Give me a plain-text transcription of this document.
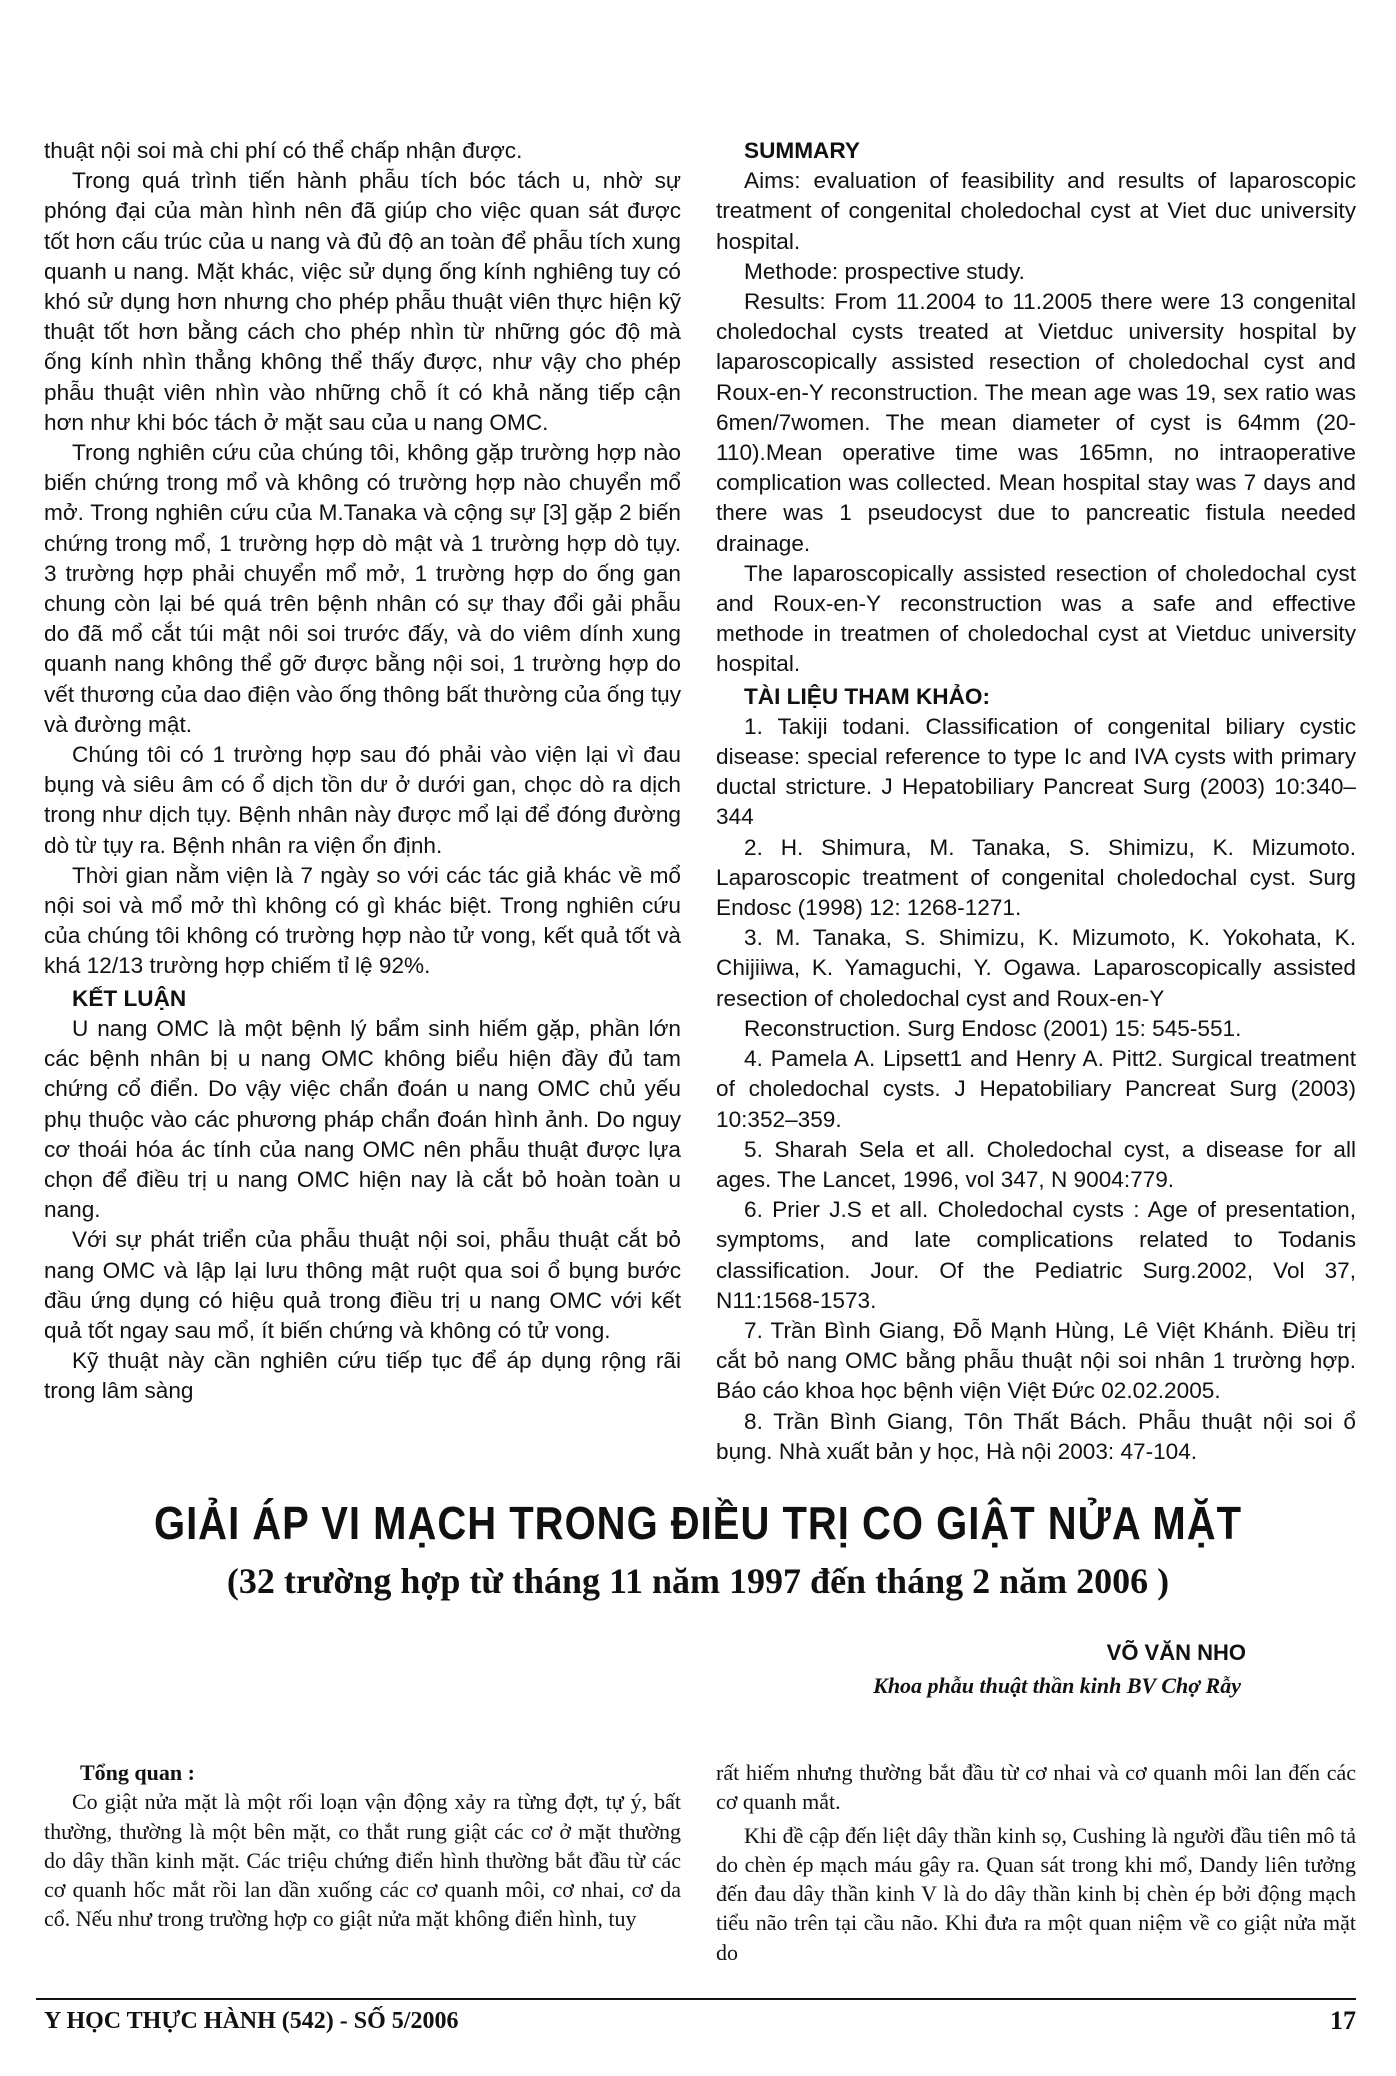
thuật nội soi mà chi phí có thể chấp nhận được.

Trong quá trình tiến hành phẫu tích bóc tách u, nhờ sự phóng đại của màn hình nên đã giúp cho việc quan sát được tốt hơn cấu trúc của u nang và đủ độ an toàn để phẫu tích xung quanh u nang. Mặt khác, việc sử dụng ống kính nghiêng tuy có khó sử dụng hơn nhưng cho phép phẫu thuật viên thực hiện kỹ thuật tốt hơn bằng cách cho phép nhìn từ những góc độ mà ống kính nhìn thẳng không thể thấy được, như vậy cho phép phẫu thuật viên nhìn vào những chỗ ít có khả năng tiếp cận hơn như khi bóc tách ở mặt sau của u nang OMC.

Trong nghiên cứu của chúng tôi, không gặp trường hợp nào biến chứng trong mổ và không có trường hợp nào chuyển mổ mở. Trong nghiên cứu của M.Tanaka và cộng sự [3] gặp 2 biến chứng trong mổ, 1 trường hợp dò mật và 1 trường hợp dò tụy. 3 trường hợp phải chuyển mổ mở, 1 trường hợp do ống gan chung còn lại bé quá trên bệnh nhân có sự thay đổi gải phẫu do đã mổ cắt túi mật nôi soi trước đấy, và do viêm dính xung quanh nang không thể gỡ được bằng nội soi, 1 trường hợp do vết thương của dao điện vào ống thông bất thường của ống tụy và đường mật.

Chúng tôi có 1 trường hợp sau đó phải vào viện lại vì đau bụng và siêu âm có ổ dịch tồn dư ở dưới gan, chọc dò ra dịch trong như dịch tụy. Bệnh nhân này được mổ lại để đóng đường dò từ tụy ra. Bệnh nhân ra viện ổn định.

Thời gian nằm viện là 7 ngày so với các tác giả khác về mổ nội soi và mổ mở thì không có gì khác biệt. Trong nghiên cứu của chúng tôi không có trường hợp nào tử vong, kết quả tốt và khá 12/13 trường hợp chiếm tỉ lệ 92%.

KẾT LUẬN

U nang OMC là một bệnh lý bẩm sinh hiếm gặp, phần lớn các bệnh nhân bị u nang OMC không biểu hiện đầy đủ tam chứng cổ điển. Do vậy việc chẩn đoán u nang OMC chủ yếu phụ thuộc vào các phương pháp chẩn đoán hình ảnh. Do nguy cơ thoái hóa ác tính của nang OMC nên phẫu thuật được lựa chọn để điều trị u nang OMC hiện nay là cắt bỏ hoàn toàn u nang.

Với sự phát triển của phẫu thuật nội soi, phẫu thuật cắt bỏ nang OMC và lập lại lưu thông mật ruột qua soi ổ bụng bước đầu ứng dụng có hiệu quả trong điều trị u nang OMC với kết quả tốt ngay sau mổ, ít biến chứng và không có tử vong.

Kỹ thuật này cần nghiên cứu tiếp tục để áp dụng rộng rãi trong lâm sàng

SUMMARY

Aims: evaluation of feasibility and results of laparoscopic treatment of congenital choledochal cyst at Viet duc university hospital.

Methode: prospective study.

Results: From 11.2004 to 11.2005 there were 13 congenital choledochal cysts treated at Vietduc university hospital by laparoscopically assisted resection of choledochal cyst and Roux-en-Y reconstruction. The mean age was 19, sex ratio was 6men/7women. The mean diameter of cyst is 64mm (20-110).Mean operative time was 165mn, no intraoperative complication was collected. Mean hospital stay was 7 days and there was 1 pseudocyst due to pancreatic fistula needed drainage.

The laparoscopically assisted resection of choledochal cyst and Roux-en-Y reconstruction was a safe and effective methode in treatmen of choledochal cyst at Vietduc university hospital.

TÀI LIỆU THAM KHẢO:

1. Takiji todani. Classification of congenital biliary cystic disease: special reference to type Ic and IVA cysts with primary ductal stricture. J Hepatobiliary Pancreat Surg (2003) 10:340–344

2. H. Shimura, M. Tanaka, S. Shimizu, K. Mizumoto. Laparoscopic treatment of congenital choledochal cyst. Surg Endosc (1998) 12: 1268-1271.

3. M. Tanaka, S. Shimizu, K. Mizumoto, K. Yokohata, K. Chijiiwa, K. Yamaguchi, Y. Ogawa. Laparoscopically assisted resection of choledochal cyst and Roux-en-Y

Reconstruction. Surg Endosc (2001) 15: 545-551.

4. Pamela A. Lipsett1 and Henry A. Pitt2. Surgical treatment of choledochal cysts. J Hepatobiliary Pancreat Surg (2003) 10:352–359.

5. Sharah Sela et all. Choledochal cyst, a disease for all ages. The Lancet, 1996, vol 347, N 9004:779.

6. Prier J.S et all. Choledochal cysts : Age of presentation, symptoms, and late complications related to Todanis classification. Jour. Of the Pediatric Surg.2002, Vol 37, N11:1568-1573.

7. Trần Bình Giang, Đỗ Mạnh Hùng, Lê Việt Khánh. Điều trị cắt bỏ nang OMC bằng phẫu thuật nội soi nhân 1 trường hợp. Báo cáo khoa học bệnh viện Việt Đức 02.02.2005.

8. Trần Bình Giang, Tôn Thất Bách. Phẫu thuật nội soi ổ bụng. Nhà xuất bản y học, Hà nội 2003: 47-104.

GIẢI ÁP VI MẠCH TRONG ĐIỀU TRỊ CO GIẬT NỬA MẶT
(32 trường hợp từ tháng 11 năm 1997 đến tháng 2 năm 2006 )
VÕ VĂN NHO
Khoa phẫu thuật thần kinh BV Chợ Rẫy
Tổng quan :

Co giật nửa mặt là một rối loạn vận động xảy ra từng đợt, tự ý, bất thường, thường là một bên mặt, co thắt rung giật các cơ ở mặt thường do dây thần kinh mặt. Các triệu chứng điển hình thường bắt đầu từ các cơ quanh hốc mắt rồi lan dần xuống các cơ quanh môi, cơ nhai, cơ da cổ. Nếu như trong trường hợp co giật nửa mặt không điển hình, tuy

rất hiếm nhưng thường bắt đầu từ cơ nhai và cơ quanh môi lan đến các cơ quanh mắt.

Khi đề cập đến liệt dây thần kinh sọ, Cushing là người đầu tiên mô tả do chèn ép mạch máu gây ra. Quan sát trong khi mổ, Dandy liên tưởng đến đau dây thần kinh V là do dây thần kinh bị chèn ép bởi động mạch tiểu não trên tại cầu não. Khi đưa ra một quan niệm về co giật nửa mặt do

Y HỌC THỰC HÀNH (542) - SỐ 5/2006	17
